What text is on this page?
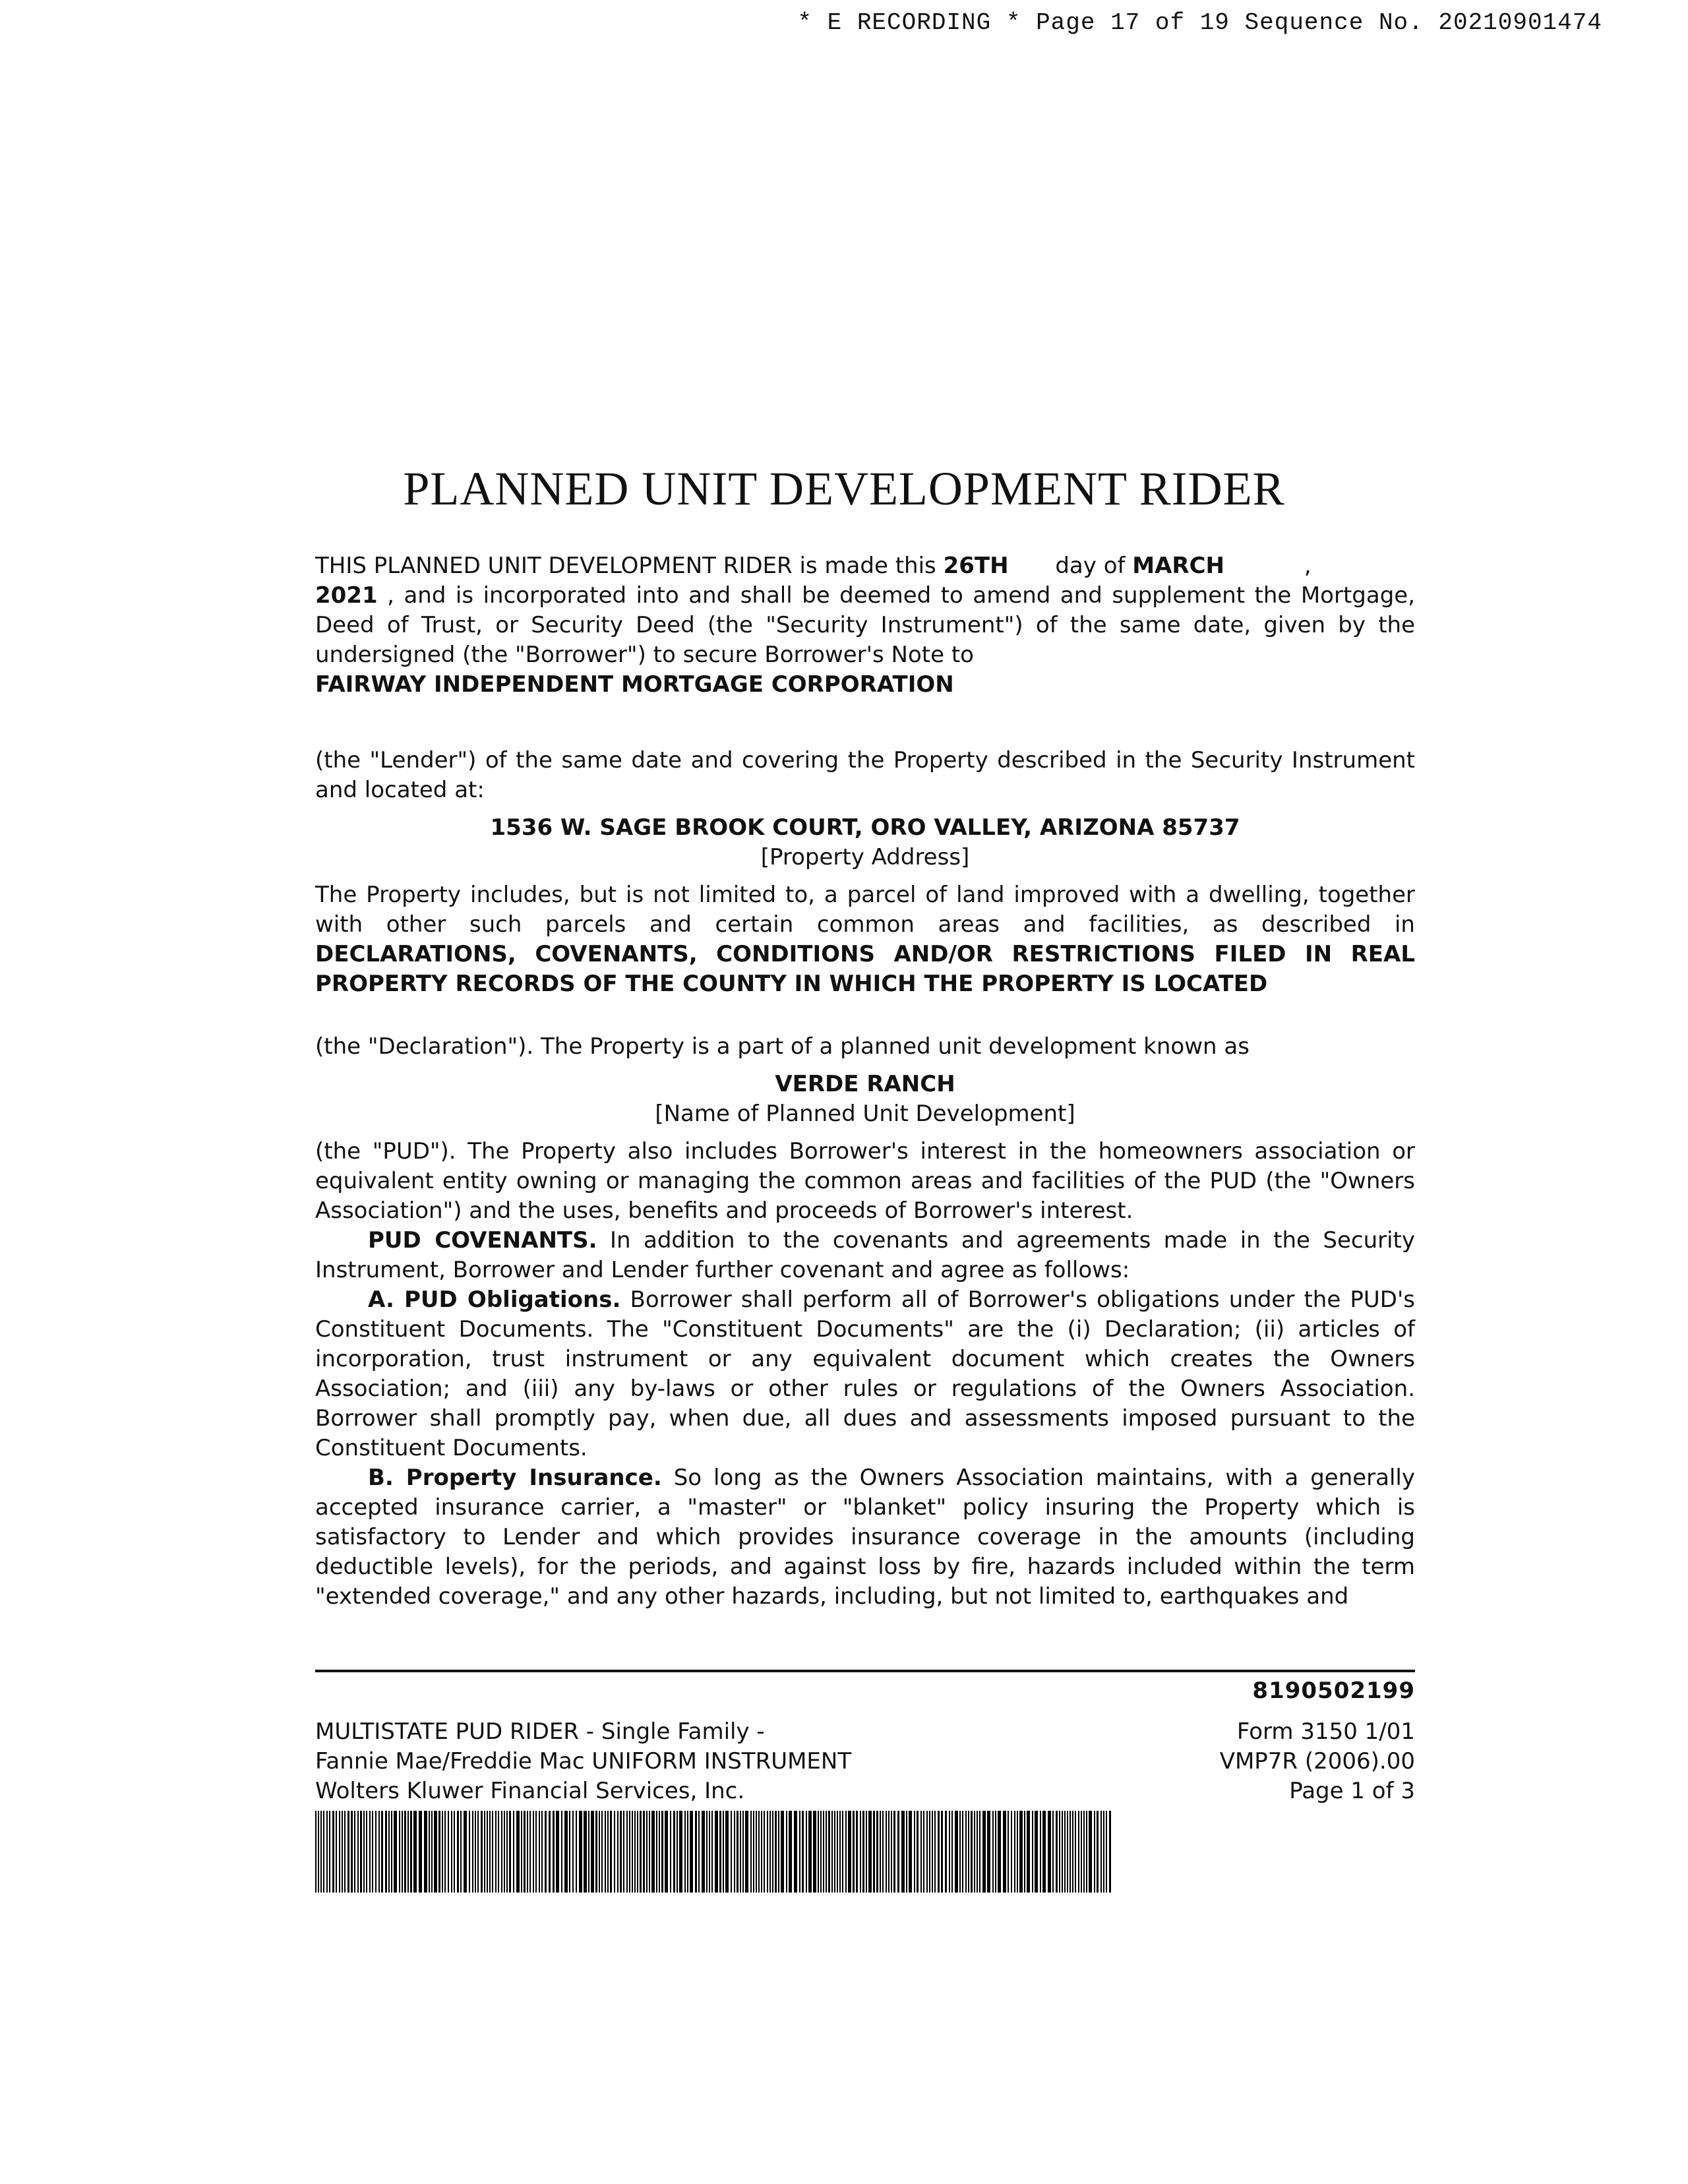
* E RECORDING * Page 17 of 19 Sequence No. 20210901474
PLANNED UNIT DEVELOPMENT RIDER

THIS PLANNED UNIT DEVELOPMENT RIDER is made this 26TH day of MARCH	,
2021 , and is incorporated into and shall be deemed to amend and supplement the Mortgage, Deed of Trust, or Security Deed (the "Security Instrument") of the same date, given by the undersigned (the "Borrower") to secure Borrower's Note to
FAIRWAY INDEPENDENT MORTGAGE CORPORATION

(the "Lender") of the same date and covering the Property described in the Security Instrument and located at:

1536 W. SAGE BROOK COURT, ORO VALLEY, ARIZONA 85737
[Property Address]

The Property includes, but is not limited to, a parcel of land improved with a dwelling, together with other such parcels and certain common areas and facilities, as described in DECLARATIONS, COVENANTS, CONDITIONS AND/OR RESTRICTIONS FILED IN REAL PROPERTY RECORDS OF THE COUNTY IN WHICH THE PROPERTY IS LOCATED

(the "Declaration"). The Property is a part of a planned unit development known as

VERDE RANCH
[Name of Planned Unit Development]

(the "PUD"). The Property also includes Borrower's interest in the homeowners association or equivalent entity owning or managing the common areas and facilities of the PUD (the "Owners Association") and the uses, benefits and proceeds of Borrower's interest.

PUD COVENANTS. In addition to the covenants and agreements made in the Security Instrument, Borrower and Lender further covenant and agree as follows:

A. PUD Obligations. Borrower shall perform all of Borrower's obligations under the PUD's Constituent Documents. The "Constituent Documents" are the (i) Declaration; (ii) articles of incorporation, trust instrument or any equivalent document which creates the Owners Association; and (iii) any by-laws or other rules or regulations of the Owners Association. Borrower shall promptly pay, when due, all dues and assessments imposed pursuant to the Constituent Documents.

B. Property Insurance. So long as the Owners Association maintains, with a generally accepted insurance carrier, a "master" or "blanket" policy insuring the Property which is satisfactory to Lender and which provides insurance coverage in the amounts (including deductible levels), for the periods, and against loss by fire, hazards included within the term "extended coverage," and any other hazards, including, but not limited to, earthquakes and

8190502199
MULTISTATE PUD RIDER - Single Family -
Fannie Mae/Freddie Mac UNIFORM INSTRUMENT
Wolters Kluwer Financial Services, Inc.
Form 3150 1/01
VMP7R (2006).00
Page 1 of 3
